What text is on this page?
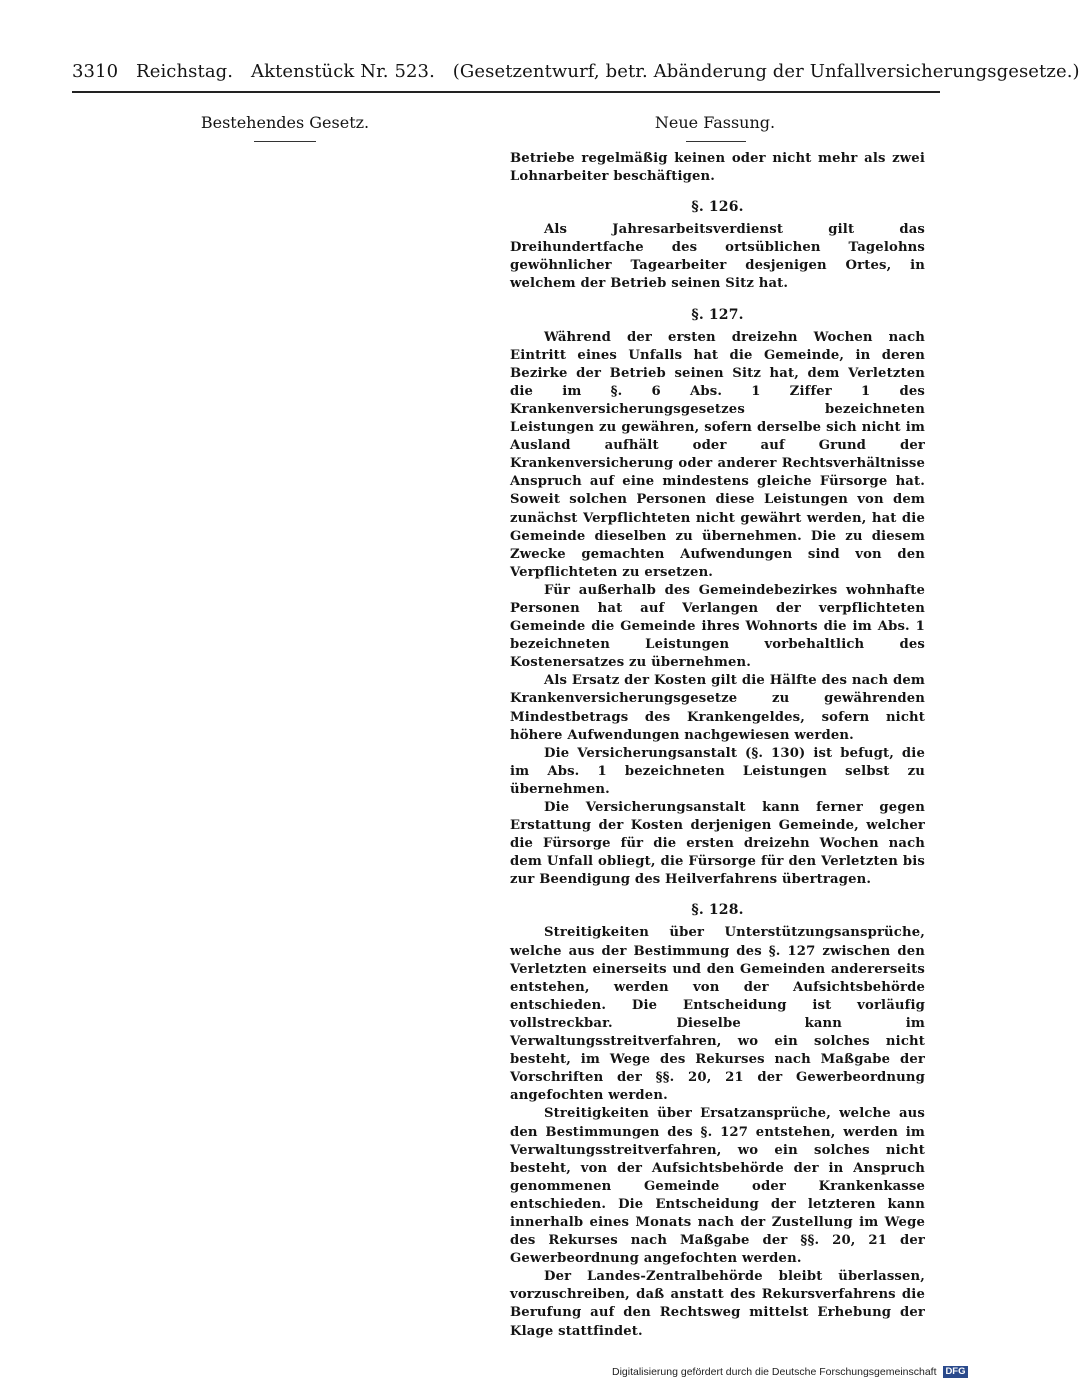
3310 Reichstag. Aktenstück Nr. 523. (Gesetzentwurf, betr. Abänderung der Unfallversicherungsgesetze.)
Bestehendes Gesetz.	Neue Fassung.

Betriebe regelmäßig keinen oder nicht mehr als zwei Lohnarbeiter beschäftigen.

§. 126.

Als Jahresarbeitsverdienst gilt das Dreihundertfache des ortsüblichen Tagelohns gewöhnlicher Tagearbeiter desjenigen Ortes, in welchem der Betrieb seinen Sitz hat.

§. 127.

Während der ersten dreizehn Wochen nach Eintritt eines Unfalls hat die Gemeinde, in deren Bezirke der Betrieb seinen Sitz hat, dem Verletzten die im §. 6 Abs. 1 Ziffer 1 des Krankenversicherungsgesetzes bezeichneten Leistungen zu gewähren, sofern derselbe sich nicht im Ausland aufhält oder auf Grund der Krankenversicherung oder anderer Rechtsverhältnisse Anspruch auf eine mindestens gleiche Fürsorge hat. Soweit solchen Personen diese Leistungen von dem zunächst Verpflichteten nicht gewährt werden, hat die Gemeinde dieselben zu übernehmen. Die zu diesem Zwecke gemachten Aufwendungen sind von den Verpflichteten zu ersetzen.

Für außerhalb des Gemeindebezirkes wohnhafte Personen hat auf Verlangen der verpflichteten Gemeinde die Gemeinde ihres Wohnorts die im Abs. 1 bezeichneten Leistungen vorbehaltlich des Kostenersatzes zu übernehmen.

Als Ersatz der Kosten gilt die Hälfte des nach dem Krankenversicherungsgesetze zu gewährenden Mindestbetrags des Krankengeldes, sofern nicht höhere Aufwendungen nachgewiesen werden.

Die Versicherungsanstalt (§. 130) ist befugt, die im Abs. 1 bezeichneten Leistungen selbst zu übernehmen.

Die Versicherungsanstalt kann ferner gegen Erstattung der Kosten derjenigen Gemeinde, welcher die Fürsorge für die ersten dreizehn Wochen nach dem Unfall obliegt, die Fürsorge für den Verletzten bis zur Beendigung des Heilverfahrens übertragen.

§. 128.

Streitigkeiten über Unterstützungsansprüche, welche aus der Bestimmung des §. 127 zwischen den Verletzten einerseits und den Gemeinden andererseits entstehen, werden von der Aufsichtsbehörde entschieden. Die Entscheidung ist vorläufig vollstreckbar. Dieselbe kann im Verwaltungsstreitverfahren, wo ein solches nicht besteht, im Wege des Rekurses nach Maßgabe der Vorschriften der §§. 20, 21 der Gewerbeordnung angefochten werden.

Streitigkeiten über Ersatzansprüche, welche aus den Bestimmungen des §. 127 entstehen, werden im Verwaltungsstreitverfahren, wo ein solches nicht besteht, von der Aufsichtsbehörde der in Anspruch genommenen Gemeinde oder Krankenkasse entschieden. Die Entscheidung der letzteren kann innerhalb eines Monats nach der Zustellung im Wege des Rekurses nach Maßgabe der §§. 20, 21 der Gewerbeordnung angefochten werden.

Der Landes-Zentralbehörde bleibt überlassen, vorzuschreiben, daß anstatt des Rekursverfahrens die Berufung auf den Rechtsweg mittelst Erhebung der Klage stattfindet.

Digitalisierung gefördert durch die Deutsche Forschungsgemeinschaft DFG
